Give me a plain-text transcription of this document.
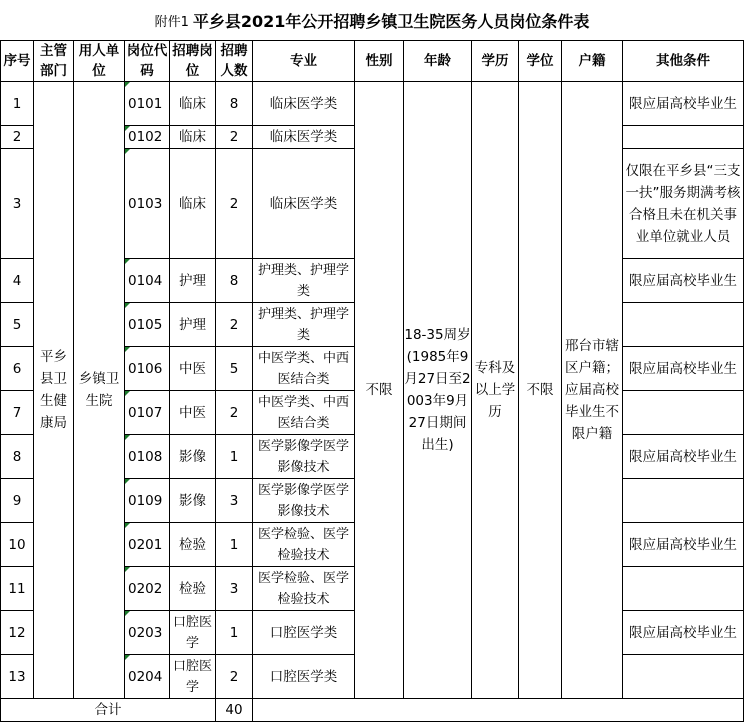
附件1 平乡县2021年公开招聘乡镇卫生院医务人员岗位条件表
序号	主管部门	用人单位	岗位代码	招聘岗位	招聘人数	专业	性别	年龄	学历	学位	户籍	其他条件
1	平乡县卫生健康局	乡镇卫生院	0101	临床	8	临床医学类	不限	18-35周岁(1985年9月27日至2003年9月27日期间出生)	专科及以上学历	不限	邢台市辖区户籍；应届高校毕业生不限户籍	限应届高校毕业生
2			0102	临床	2	临床医学类						
3			0103	临床	2	临床医学类						仅限在平乡县“三支一扶”服务期满考核合格且未在机关事业单位就业人员
4			0104	护理	8	护理类、护理学类						限应届高校毕业生
5			0105	护理	2	护理类、护理学类						
6			0106	中医	5	中医学类、中西医结合类						限应届高校毕业生
7			0107	中医	2	中医学类、中西医结合类						
8			0108	影像	1	医学影像学医学影像技术						限应届高校毕业生
9			0109	影像	3	医学影像学医学影像技术						
10			0201	检验	1	医学检验、医学检验技术						限应届高校毕业生
11			0202	检验	3	医学检验、医学检验技术						
12			0203	口腔医学	1	口腔医学类						限应届高校毕业生
13			0204	口腔医学	2	口腔医学类						
合计					40							
